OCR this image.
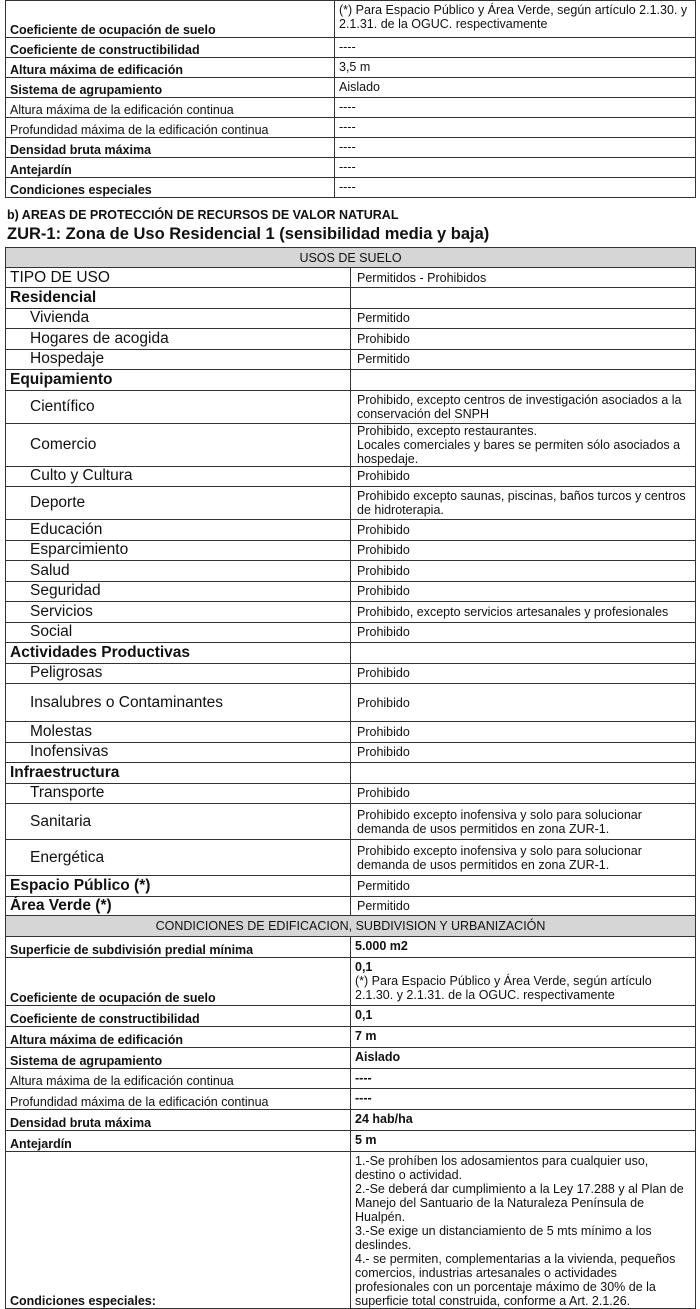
Coeficiente de ocupación de suelo	(*) Para Espacio Público y Área Verde, según artículo 2.1.30. y 2.1.31. de la OGUC. respectivamente
Coeficiente de constructibilidad	----
Altura máxima de edificación	3,5 m
Sistema de agrupamiento	Aislado
Altura máxima de la edificación continua	----
Profundidad máxima de la edificación continua	----
Densidad bruta máxima	----
Antejardín	----
Condiciones especiales	----
b) AREAS DE PROTECCIÓN DE RECURSOS DE VALOR NATURAL
ZUR-1: Zona de Uso Residencial 1 (sensibilidad media y baja)
USOS DE SUELO	
TIPO DE USO	Permitidos - Prohibidos
Residencial	
Vivienda	Permitido
Hogares de acogida	Prohibido
Hospedaje	Permitido
Equipamiento	
Científico	Prohibido, excepto centros de investigación asociados a la conservación del SNPH
Comercio	Prohibido, excepto restaurantes.
Locales comerciales y bares se permiten sólo asociados a hospedaje.
Culto y Cultura	Prohibido
Deporte	Prohibido excepto saunas, piscinas, baños turcos y centros de hidroterapia.
Educación	Prohibido
Esparcimiento	Prohibido
Salud	Prohibido
Seguridad	Prohibido
Servicios	Prohibido, excepto servicios artesanales y profesionales
Social	Prohibido
Actividades Productivas	
Peligrosas	Prohibido
Insalubres o Contaminantes	Prohibido
Molestas	Prohibido
Inofensivas	Prohibido
Infraestructura	
Transporte	Prohibido
Sanitaria	Prohibido excepto inofensiva y solo para solucionar demanda de usos permitidos en zona ZUR-1.
Energética	Prohibido excepto inofensiva y solo para solucionar demanda de usos permitidos en zona ZUR-1.
Espacio Público (*)	Permitido
Área Verde (*)	Permitido
CONDICIONES DE EDIFICACION, SUBDIVISION Y URBANIZACIÓN	
Superficie de subdivisión predial mínima	5.000 m2

Coeficiente de ocupación de suelo	0,1
(*) Para Espacio Público y Área Verde, según artículo 2.1.30. y 2.1.31. de la OGUC. respectivamente

Coeficiente de constructibilidad	0,1

Altura máxima de edificación	7 m

Sistema de agrupamiento	Aislado

Altura máxima de la edificación continua	----

Profundidad máxima de la edificación continua	----

Densidad bruta máxima	24 hab/ha

Antejardín	5 m

Condiciones especiales:	1.-Se prohíben los adosamientos para cualquier uso, destino o actividad.
2.-Se deberá dar cumplimiento a la Ley 17.288 y al Plan de Manejo del Santuario de la Naturaleza Península de Hualpén.
3.-Se exige un distanciamiento de 5 mts mínimo a los deslindes.
4.- se permiten, complementarias a la vivienda, pequeños comercios, industrias artesanales o actividades profesionales con un porcentaje máximo de 30% de la superficie total construida, conforme a Art. 2.1.26.
